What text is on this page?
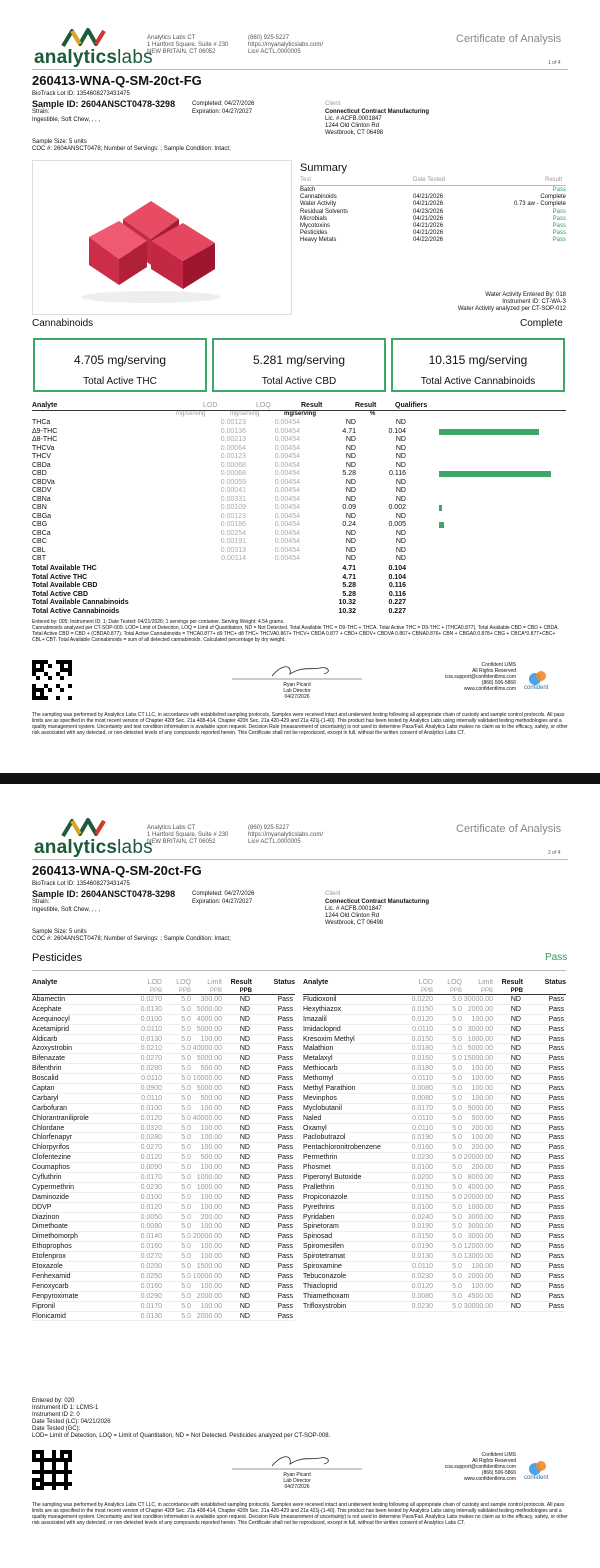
analyticslabs
Analytics Labs CT
1 Hartford Square, Suite # 230
NEW BRITAIN, CT 06052
(860) 925-5227
https://myanalyticslabs.com/
Lic# ACTL.0000005
Certificate of Analysis
1 of 4
260413-WNA-Q-SM-20ct-FG
BioTrack Lot ID: 1354608273431475
Sample ID: 2604ANSCT0478-3298	Completed: 04/27/2026
Expiration: 04/27/2027
Strain:
Ingestible, Soft Chew, , , ,
Client
Connecticut Contract Manufacturing
Lic. # ACFB.0001847
1244 Old Clinton Rd
Westbrook, CT 06498
Sample Size: 5 units
COC #: 2604ANSCT0478; Number of Servings: ; Sample Condition: Intact;
Summary
Test	Date Tested	Result
Batch	Pass
Cannabinoids	04/21/2026	Complete
Water Activity	04/21/2026	0.73 aw - Complete
Residual Solvents	04/23/2026	Pass
Microbials	04/21/2026	Pass
Mycotoxins	04/21/2026	Pass
Pesticides	04/21/2026	Pass
Heavy Metals	04/22/2026	Pass
Water Activity Entered By: 018
Instrument ID: CT-WA-3
Water Activity analyzed per CT-SOP-012
Cannabinoids	Complete
4.705 mg/serving
Total Active THC
5.281 mg/serving
Total Active CBD
10.315 mg/serving
Total Active Cannabinoids
Analyte	LOD	LOQ	Result	Result	Qualifiers
mg/serving	mg/serving	mg/serving	%
THCa	0.00123	0.00454	ND	ND
Δ9-THC	0.00136	0.00454	4.71	0.104
Δ8-THC	0.00213	0.00454	ND	ND
THCVa	0.00064	0.00454	ND	ND
THCV	0.00123	0.00454	ND	ND
CBDa	0.00068	0.00454	ND	ND
CBD	0.00068	0.00454	5.28	0.116
CBDVa	0.00059	0.00454	ND	ND
CBDV	0.00041	0.00454	ND	ND
CBNa	0.00331	0.00454	ND	ND
CBN	0.00109	0.00454	0.09	0.002
CBGa	0.00123	0.00454	ND	ND
CBG	0.00186	0.00454	0.24	0.005
CBCa	0.00254	0.00454	ND	ND
CBC	0.00191	0.00454	ND	ND
CBL	0.00313	0.00454	ND	ND
CBT	0.00114	0.00454	ND	ND
Total Available THC	4.71	0.104
Total Active THC	4.71	0.104
Total Available CBD	5.28	0.116
Total Active CBD	5.28	0.116
Total Available Cannabinoids	10.32	0.227
Total Active Cannabinoids	10.32	0.227
Entered by: 005; Instrument ID: 1; Date Tested: 04/21/2026; 1 servings per container. Serving Weight: 4.54 grams.
Cannabinoids analyzed per CT-SOP-009. LOD= Limit of Detection, LOQ = Limit of Quantitation, ND = Not Detected. Total Available THC = D9-THC + THCA. Total Active THC = D9-THC + (THCA0.877). Total Available CBD = CBD + CBDA. Total Active CBD = CBD + (CBDA0.877). Total Active Cannabinoids = THCA0.877+ d9 THC+ d8 THC+ THCVA0.867+ THCV+ CBDA 0.877 + CBD+ CBDV+ CBDVA 0.867+ CBNA0.876+ CBN + CBGA0.0.878+ CBG + CBCA*0.877+CBC+ CBL+ CBT. Total Available Cannabinoids = sum of all detected cannabinoids. Calculated percentage by dry weight.
Ryan Picard
Lab Director
04/27/2026
Confident LIMS
All Rights Reserved
coa.support@confidentlims.com
(866) 506-5866
www.confidentlims.com confident
The sampling was performed by Analytics Labs CT LLC, in accordance with established sampling protocols. Samples were received intact and underwent testing following all appropriate chain of custody and sample control protocols. All pass limits are as specified in the most recent version of Chapter 420f Sec. 21a 408-414, Chapter 420h Sec. 21a 420-429 and 21a 421j-(1-40). This product has been tested by Analytics Labs using internally validated testing methodologies and a quality management system. Uncertainty and test condition information is available upon request. Decision Rule (measurement of uncertainty) is not used to determine Pass/Fail. Analytics Labs makes no claim as to the efficacy, safety, or other risk associated with any detected, or non-detected levels of any compounds reported herein. This Certificate shall not be reproduced, except in full, without the written consent of Analytics Labs CT.
analyticslabs
Analytics Labs CT
1 Hartford Square, Suite # 230
NEW BRITAIN, CT 06052
(860) 925-5227
https://myanalyticslabs.com/
Lic# ACTL.0000005
Certificate of Analysis
2 of 4
260413-WNA-Q-SM-20ct-FG
BioTrack Lot ID: 1354608273431475
Sample ID: 2604ANSCT0478-3298	Completed: 04/27/2026
Expiration: 04/27/2027
Strain:
Ingestible, Soft Chew, , , ,
Client
Connecticut Contract Manufacturing
Lic. # ACFB.0001847
1244 Old Clinton Rd
Westbrook, CT 06498
Sample Size: 5 units
COC #: 2604ANSCT0478; Number of Servings: ; Sample Condition: Intact;
Pesticides	Pass
Analyte	LOD LOQ Limit Result	Status
PPB	PPB	PPB	PPB
Abamectin	0.0270	5.0 300.00	ND	Pass
Acephate	0.0130	5.0 5000.00	ND	Pass
Acequinocyl	0.0100	5.0 4000.00	ND	Pass
Acetamiprid	0.0110	5.0 5000.00	ND	Pass
Aldicarb	0.0130	5.0 100.00	ND	Pass
Azoxystrobin	0.0210	5.0 40000.00	ND	Pass
Bifenazate	0.0270	5.0 5000.00	ND	Pass
Bifenthrin	0.0280	5.0 500.00	ND	Pass
Boscalid	0.0110	5.0 10000.00	ND	Pass
Captan	0.0900	5.0 5000.00	ND	Pass
Carbaryl	0.0110	5.0 500.00	ND	Pass
Carbofuran	0.0100	5.0 100.00	ND	Pass
Chlorantraniliprole	0.0120	5.0 40000.00	ND	Pass
Chlordane	0.0320	5.0 100.00	ND	Pass
Chlorfenapyr	0.0280	5.0 100.00	ND	Pass
Chlorpyrifos	0.0270	5.0 100.00	ND	Pass
Clofentezine	0.0120	5.0 500.00	ND	Pass
Coumaphos	0.0090	5.0 100.00	ND	Pass
Cyfluthrin	0.0170	5.0 1000.00	ND	Pass
Cypermethrin	0.0230	5.0 1000.00	ND	Pass
Daminozide	0.0100	5.0 100.00	ND	Pass
DDVP	0.0120	5.0 100.00	ND	Pass
Diazinon	0.0050	5.0 200.00	ND	Pass
Dimethoate	0.0090	5.0 100.00	ND	Pass
Dimethomorph	0.0140	5.0 20000.00	ND	Pass
Ethoprophos	0.0160	5.0 100.00	ND	Pass
Etofenprox	0.0270	5.0 100.00	ND	Pass
Etoxazole	0.0200	5.0 1500.00	ND	Pass
Fenhexamid	0.0250	5.0 10000.00	ND	Pass
Fenoxycarb	0.0160	5.0 100.00	ND	Pass
Fenpyroximate	0.0290	5.0 2000.00	ND	Pass
Fipronil	0.0170	5.0 100.00	ND	Pass
Flonicamid	0.0130	5.0 2000.00	ND	Pass
Analyte	LOD LOQ Limit Result	Status
PPB	PPB	PPB	PPB
Fludioxonil	0.0220	5.0 30000.00	ND	Pass
Hexythiazox	0.0150	5.0 2000.00	ND	Pass
Imazalil	0.0120	5.0 100.00	ND	Pass
Imidacloprid	0.0110	5.0 3000.00	ND	Pass
Kresoxim Methyl	0.0150	5.0 1000.00	ND	Pass
Malathion	0.0180	5.0 5000.00	ND	Pass
Metalaxyl	0.0160	5.0 15000.00	ND	Pass
Methiocarb	0.0180	5.0 100.00	ND	Pass
Methomyl	0.0110	5.0 100.00	ND	Pass
Methyl Parathion	0.0080	5.0 100.00	ND	Pass
Mevinphos	0.0080	5.0 100.00	ND	Pass
Myclobutanil	0.0170	5.0 9000.00	ND	Pass
Naled	0.0110	5.0 500.00	ND	Pass
Oxamyl	0.0110	5.0 200.00	ND	Pass
Paclobutrazol	0.0190	5.0 100.00	ND	Pass
Pentachloronitrobenzene	0.0160	5.0 200.00	ND	Pass
Permethrin	0.0230	5.0 20000.00	ND	Pass
Phosmet	0.0100	5.0 200.00	ND	Pass
Piperonyl Butoxide	0.0200	5.0 8000.00	ND	Pass
Prallethrin	0.0150	5.0 4000.00	ND	Pass
Propiconazole	0.0150	5.0 20000.00	ND	Pass
Pyrethrins	0.0100	5.0 1000.00	ND	Pass
Pyridaben	0.0240	5.0 3000.00	ND	Pass
Spinetoram	0.0190	5.0 3000.00	ND	Pass
Spinosad	0.0150	5.0 3000.00	ND	Pass
Spiromesifen	0.0190	5.0 12000.00	ND	Pass
Spirotetramat	0.0130	5.0 13000.00	ND	Pass
Spiroxamine	0.0110	5.0 100.00	ND	Pass
Tebuconazole	0.0230	5.0 2000.00	ND	Pass
Thiacloprid	0.0120	5.0 100.00	ND	Pass
Thiamethoxam	0.0080	5.0 4500.00	ND	Pass
Trifloxystrobin	0.0230	5.0 30000.00	ND	Pass
Entered by: 020
Instrument ID 1: LCMS-1
Instrument ID 2: 0
Date Tested (LC): 04/21/2026
Date Tested (GC):
LOD= Limit of Detection, LOQ = Limit of Quantitation, ND = Not Detected. Pesticides analyzed per CT-SOP-008.
Ryan Picard
Lab Director
04/27/2026
Confident LIMS
All Rights Reserved
coa.support@confidentlims.com
(866) 506-5866
www.confidentlims.com confident
The sampling was performed by Analytics Labs CT LLC, in accordance with established sampling protocols. Samples were received intact and underwent testing following all appropriate chain of custody and sample control protocols. All pass limits are as specified in the most recent version of Chapter 420f Sec. 21a 408-414, Chapter 420h Sec. 21a 420-429 and 21a 421j-(1-40). This product has been tested by Analytics Labs using internally validated testing methodologies and a quality management system. Uncertainty and test condition information is available upon request. Decision Rule (measurement of uncertainty) is not used to determine Pass/Fail. Analytics Labs makes no claim as to the efficacy, safety, or other risk associated with any detected, or non-detected levels of any compounds reported herein. This Certificate shall not be reproduced, except in full, without the written consent of Analytics Labs CT.
